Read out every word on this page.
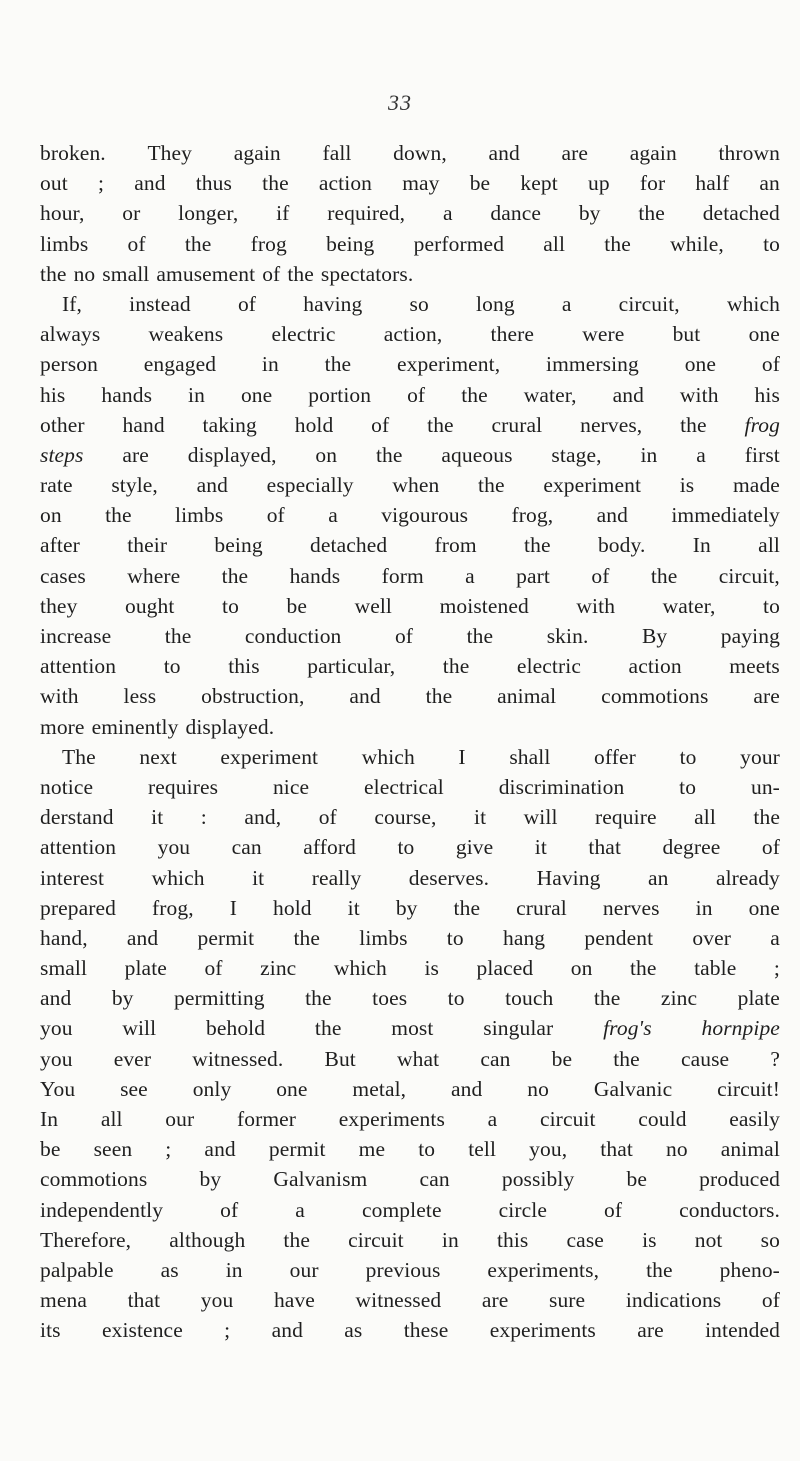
33
broken. They again fall down, and are again thrown
out ; and thus the action may be kept up for half an
hour, or longer, if required, a dance by the detached
limbs of the frog being performed all the while, to
the no small amusement of the spectators.
If, instead of having so long a circuit, which
always weakens electric action, there were but one
person engaged in the experiment, immersing one of
his hands in one portion of the water, and with his
other hand taking hold of the crural nerves, the frog
steps are displayed, on the aqueous stage, in a first
rate style, and especially when the experiment is made
on the limbs of a vigourous frog, and immediately
after their being detached from the body. In all
cases where the hands form a part of the circuit,
they ought to be well moistened with water, to
increase the conduction of the skin. By paying
attention to this particular, the electric action meets
with less obstruction, and the animal commotions are
more eminently displayed.
The next experiment which I shall offer to your
notice	requires	nice	electrical	discrimination	to	un-
derstand it : and, of course, it will require all the
attention you can afford to give it that degree of
interest which it really deserves. Having an already
prepared frog, I hold it by the crural nerves in one
hand, and permit the limbs to hang pendent over a
small plate of zinc which is placed on the table ;
and by permitting the toes to touch the zinc plate
you will behold the most singular frog's hornpipe
you ever witnessed. But what can be the cause ?
You see only one metal, and no Galvanic circuit!
In all our former experiments a circuit could easily
be seen ; and permit me to tell you, that no animal
commotions by Galvanism can possibly be produced
independently	of	a	complete	circle	of	conductors.
Therefore, although the circuit in this case is not so
palpable as in our previous experiments, the pheno-
mena that you have witnessed are sure indications of
its existence ; and as these experiments are intended
